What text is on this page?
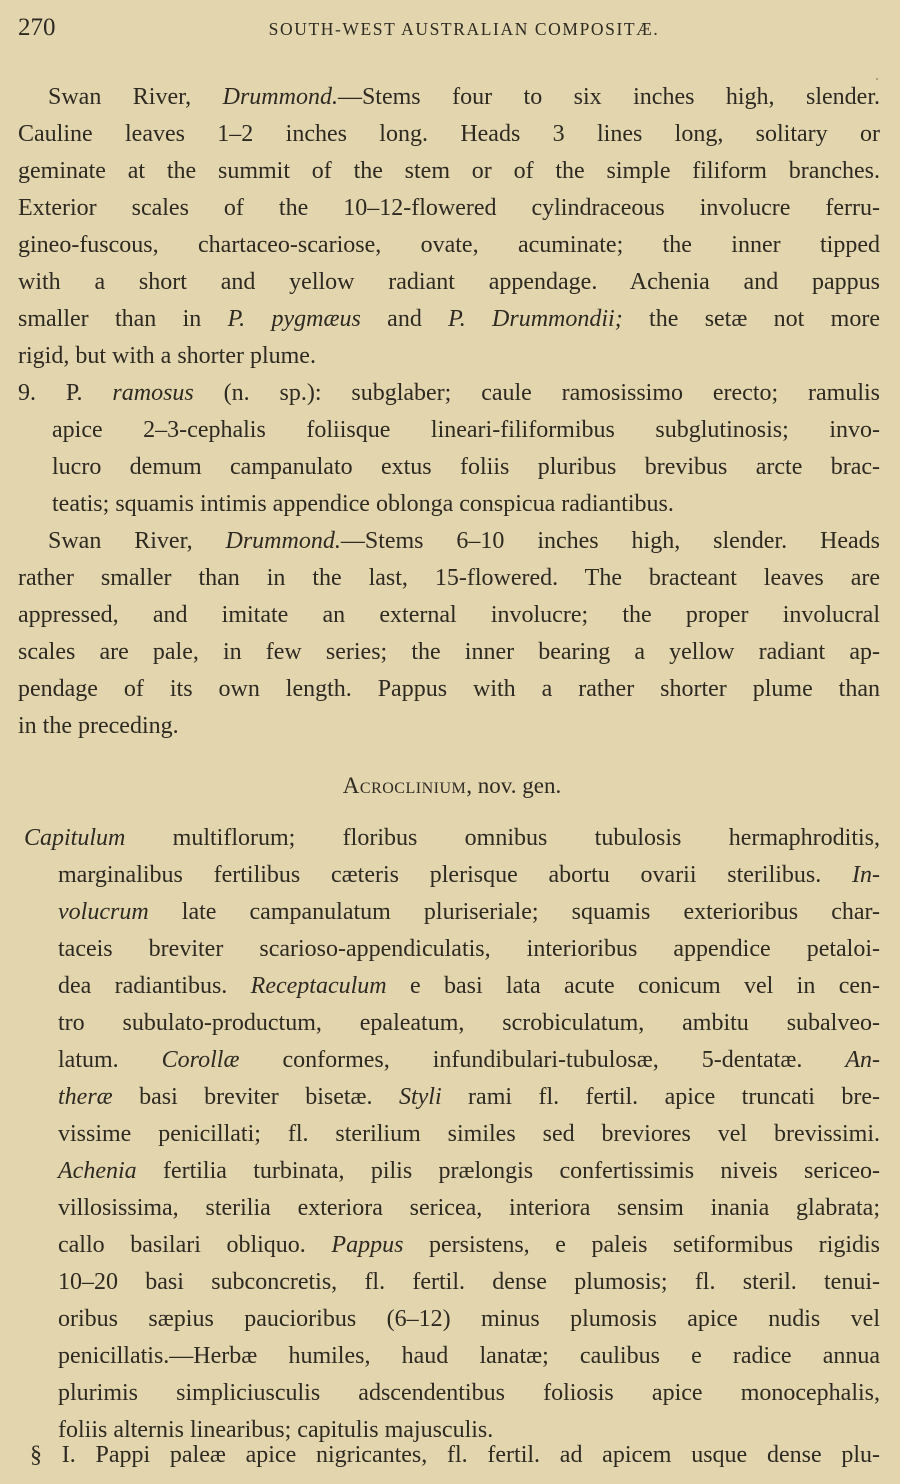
270	SOUTH-WEST AUSTRALIAN COMPOSITÆ.
Swan River, Drummond.—Stems four to six inches high, slender.
Cauline leaves 1–2 inches long. Heads 3 lines long, solitary or
geminate at the summit of the stem or of the simple filiform branches.
Exterior scales of the 10–12-flowered cylindraceous involucre ferru-
gineo-fuscous, chartaceo-scariose, ovate, acuminate; the inner tipped
with a short and yellow radiant appendage. Achenia and pappus
smaller than in P. pygmæus and P. Drummondii; the setæ not more
rigid, but with a shorter plume.
9. P. ramosus (n. sp.): subglaber; caule ramosissimo erecto; ramulis
apice 2–3-cephalis foliisque lineari-filiformibus subglutinosis; invo-
lucro demum campanulato extus foliis pluribus brevibus arcte brac-
teatis; squamis intimis appendice oblonga conspicua radiantibus.
Swan River, Drummond.—Stems 6–10 inches high, slender. Heads
rather smaller than in the last, 15-flowered. The bracteant leaves are
appressed, and imitate an external involucre; the proper involucral
scales are pale, in few series; the inner bearing a yellow radiant ap-
pendage of its own length. Pappus with a rather shorter plume than
in the preceding.
Acroclinium, nov. gen.
Capitulum multiflorum; floribus omnibus tubulosis hermaphroditis,
marginalibus fertilibus cæteris plerisque abortu ovarii sterilibus. In-
volucrum late campanulatum pluriseriale; squamis exterioribus char-
taceis breviter scarioso-appendiculatis, interioribus appendice petaloi-
dea radiantibus. Receptaculum e basi lata acute conicum vel in cen-
tro subulato-productum, epaleatum, scrobiculatum, ambitu subalveo-
latum. Corollæ conformes, infundibulari-tubulosæ, 5-dentatæ. An-
theræ basi breviter bisetæ. Styli rami fl. fertil. apice truncati bre-
vissime penicillati; fl. sterilium similes sed breviores vel brevissimi.
Achenia fertilia turbinata, pilis prælongis confertissimis niveis sericeo-
villosissima, sterilia exteriora sericea, interiora sensim inania glabrata;
callo basilari obliquo. Pappus persistens, e paleis setiformibus rigidis
10–20 basi subconcretis, fl. fertil. dense plumosis; fl. steril. tenui-
oribus sæpius paucioribus (6–12) minus plumosis apice nudis vel
penicillatis.—Herbæ humiles, haud lanatæ; caulibus e radice annua
plurimis simpliciusculis adscendentibus foliosis apice monocephalis,
foliis alternis linearibus; capitulis majusculis.
§ I. Pappi paleæ apice nigricantes, fl. fertil. ad apicem usque dense plu-
